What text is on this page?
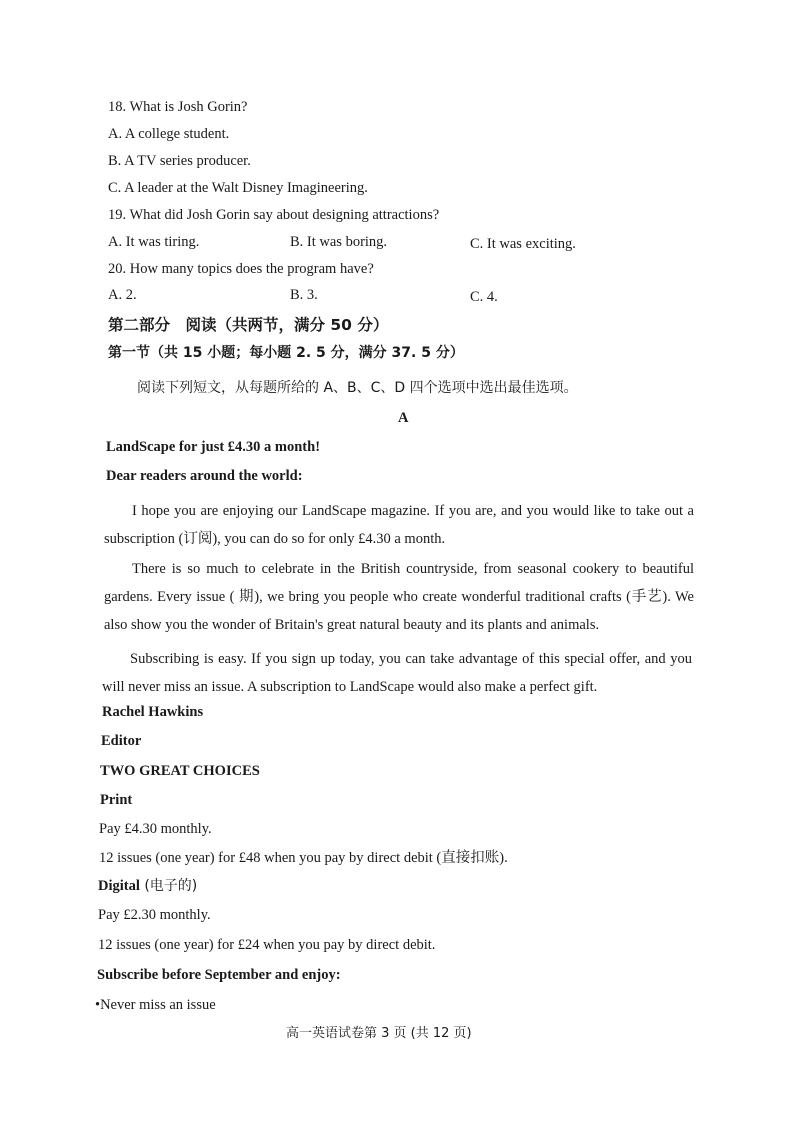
18. What is Josh Gorin?
A. A college student.
B. A TV series producer.
C. A leader at the Walt Disney Imagineering.
19. What did Josh Gorin say about designing attractions?
A. It was tiring.	B. It was boring.	C. It was exciting.
20. How many topics does the program have?
A. 2.	B. 3.	C. 4.
第二部分　阅读（共两节，满分 50 分）
第一节（共 15 小题；每小题 2. 5 分，满分 37. 5 分）
阅读下列短文，从每题所给的 A、B、C、D 四个选项中选出最佳选项。
A
LandScape for just £4.30 a month!
Dear readers around the world:
I hope you are enjoying our LandScape magazine. If you are, and you would like to take out a subscription (订阅), you can do so for only £4.30 a month.
There is so much to celebrate in the British countryside, from seasonal cookery to beautiful gardens. Every issue ( 期), we bring you people who create wonderful traditional crafts (手艺). We also show you the wonder of Britain's great natural beauty and its plants and animals.
Subscribing is easy. If you sign up today, you can take advantage of this special offer, and you will never miss an issue. A subscription to LandScape would also make a perfect gift.
Rachel Hawkins
Editor
TWO GREAT CHOICES
Print
Pay £4.30 monthly.
12 issues (one year) for £48 when you pay by direct debit (直接扣账).
Digital (电子的)
Pay £2.30 monthly.
12 issues (one year) for £24 when you pay by direct debit.
Subscribe before September and enjoy:
•Never miss an issue
高一英语试卷第 3 页 (共 12 页)
